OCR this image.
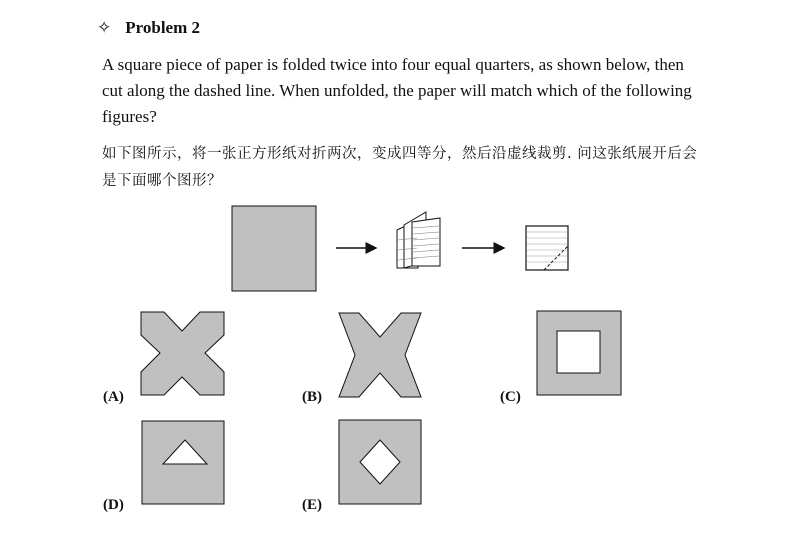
✧ Problem 2
A square piece of paper is folded twice into four equal quarters, as shown below, then cut along the dashed line. When unfolded, the paper will match which of the following figures?
如下图所示，将一张正方形纸对折两次，变成四等分，然后沿虚线裁剪. 问这张纸展开后会是下面哪个图形？
(A)	(B)	(C)
(D)	(E)
